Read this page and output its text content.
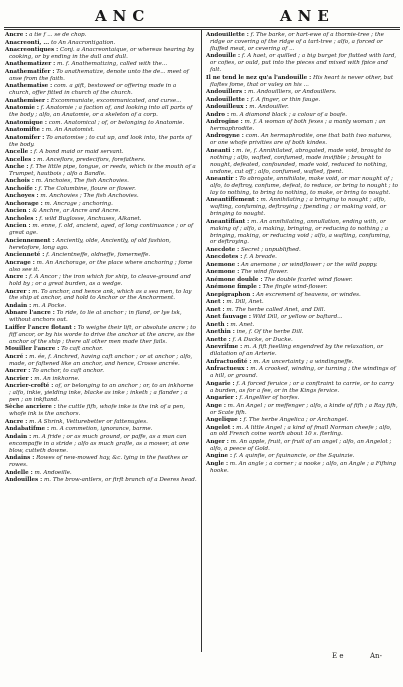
ANC	ANE
Ancre : a tie 𝑓 ... se de chop.
Anacreonti, ... to An Anacrontigation.
Anacreontiques : Conj. a Anacreontaique, or whereas hearing by cooking, or by ending in the dull and dull.
Anathematizer : m. 𝑓. Anathematizing, called with the...
Anathematifer : To anathematize, denote unto the de... meet of anse from the faith.
Anathematise : com. a gift, bestowed or offering made in a church, offer fitted in church of the church.
Anathemiser : Excommuniate, excommunicated, and curse...
Anatomie : f. Anatomie ; a faction of, and looking into all parts of the body ; alfo, an Anatomie, or a skeleton of a corp.
Anatomique : com. Anatomical ; of, or belonging to Anatomie.
Anatomifte : m. An Anatomist.
Anatomifer : To anatomise ; to cut up, and look into, the parts of the body.
Ancelle : f. A bond maid or maid servant.
Ancelles : m. Anceflors, predecifors, forefathers.
Anche : f. The little pipe, tongue, or reeds, which is the mouth of a Trumpet, hautbois ; alfo a Bandle.
Anchois : m. Anchoies, The fish Anchovies.
Anchoife : f. The Columbine, floure or flower.
Anchoyes : m. Anchovies ; The fish Anchovies.
Anchorage : m. Ancrage ; anchoring.
Ancien : & Anchre, ar Ancre and Ancre.
Ancholes : f. wild Buglosse, Anchuses, Alkanet.
Ancien : m. enne, f. old, ancient, aged, of long continuance ; or of great age.
Anciennement : Anciently, olde, Anciently, of old fashion, heretofore, long ago.
Ancienneté : f. Ancientneffe, oldneffe, fomerneffe.
Ancrage : m. An Anchorage, or the place where anchoring ; fome also see it.
Ancre : f. A Ancor ; the iron which for ship, to cleave-ground and hold by ; or a great burden, as a wedge.
Ancrer : m. To anchor, and hence ank, which as a sea men, to lay the ship at anchor, and hold to Anchor or the Anchorment.
Andain : m. A Pocke.
Abnare l'ancre : To ride, to lie at anchor ; in fland, or lye tsk, without anchors out.
Laiffer l'ancre flotant : To weighe their lift, or absolute ancre ; to fiff ancor, or by his worde to drive the anchor at the ancre, as the anchor of the ship ; there all other men made ther fails.
Mouiller l'ancre : To caft anchor.
Ancré : m. ée, f. Anchred, having caft anchor ; or at anchor ; alfo, made, or faftened like an anchor, and hence, Crosse ancrée.
Ancrer : To anchor, to caft anchor.
Ancrier : m. An inkhorne.
Ancrier-crofté : of, or belonging to an anchor ; or, to an inkhorne ; alfo, inkie, yielding inke, blacke as inke ; inketh ; a flander ; a pen ; an inkftand.
Sèche ancriere : the cuttle fifh, whofe inke is the ink of a pen, whofe ink is the anchors.
Ancre : m. A Shrink, Vetturebetter or fattenugies.
Andabatifme : m. A commetion, ignorance, barme.
Andain : m. A fride ; or as much ground, or paffe, as a man can encompaffe in a stride ; alfo as much grafle, as a mower, at one blow, cutteth downe.
Andains : Rowes of new-mowed hay, &c. lying in the fwathes or rowes.
Andelle : m. Andoeille.
Andouilles : m. The brow-antlers, or firft branch of a Deeres head.
Andouillette : f. The barke, or hart-ewe of a thornie-tree ; the ridge or covering of the ridge of a tart-tree ; alfo, a forced or fluffed meat, or cevering of ...
Andouille : f. A haet, or quilled ; a big burget for flutted with lard, or cofies, or ould, put into the pieces and mixed with fpice and falt.
Il ne tend le nez qu'a l'andouille : His heart is never other, but flaftes fome, that or vuley on his ...
Andouillers : m. Andouilliers, or Andouillers.
Andouillette : f. A finger, or thin fauge.
Andouilleux : m. Andouiller.
Andro : m. A diamond black ; a colour of a boafe.
Androgine : m. f. A woman of both fexes ; a manly woman ; an hermaphrodite.
Androgyne : com. An hermaphrodite, one that bath two natures, or one whofe privities are of both kindes.
Aneanti : m. ie, f. Annihilated, abrogated, made void, brought to nothing ; alfo, wafted, confumed, made invifible ; brought to nought, defeated, confounded, made void, reduced to nothing, undone, cut off ; alfo, confumed, wafted, fpent.
Aneantir : To abrogate, annihilate, make void, or mar nought of ; alfo, to deftroy, confume, defeat, to reduce, or bring to nought ; to lay to nothing, to bring to nothing, to make, or bring to nought.
Aneantiffement : m. Annihilating ; a bringing to nought ; alfo, wafting, confuming, deftroying ; fpending ; or making void, or bringing to nought.
Aneantiffant : m. An annihilating, annullation, ending with, or making of ; alfo, a making, bringing, or reducing to nothing ; a bringing, making, or reducing void ; alfo, a wafting, confuming, or deftroying.
Anecdote : Secret ; unpublifhed.
Anecdotes : f. A breade.
Anemone : An anemone ; or windflower ; or the wild poppy.
Anemone : The wind flower.
Anémone double : The double fcarlet wind flower.
Anémone fimple : The fingle wind-flower.
Anepigraphon : An excrement of heavens, or windes.
Anet : m. Dill, Anet.
Anet : m. The herbe called Anet, and Dill.
Anet fauvage : Wild Dill, or yellow or baftard...
Aneth : m. Anet.
Anethin : ine, f. Of the herbe Dill.
Anette : f. A Ducke, or Ducke.
Anevrifme : m. A fift fwelling engendred by the relaxation, or dilatation of an Arterie.
Anfractuofité : m. An uncertainty ; a windingneffe.
Anfractueux : m. A crooked, winding, or turning ; the windings of a hill, or ground.
Angarie : f. A forced feruice ; or a conftraint to carrie, or to carry a burden, as for a fee, or in the Kings fervice.
Angarier : f. Angellier of horfes.
Ange : m. An Angel ; or meffenger ; alfo, a kinde of fifh ; a Ray fifh, or Scate fifh.
Angelique : f. The herbe Angelica ; or Archangel.
Angelot : m. A little Angel ; a kind of fmall Norman cheefe ; alfo, an old French coine worth about 10 s. fterling.
Anger : m. An apple, fruit, or fruit of an angel ; alfo, an Angelot ; alfo, a peece of Gold.
Angine : f. A quinfie, or fquinancie, or the Squinzie.
Angle : m. An angle ; a corner ; a nooke ; alfo, an Angle ; a Fifhing hooke.
E e	An-
